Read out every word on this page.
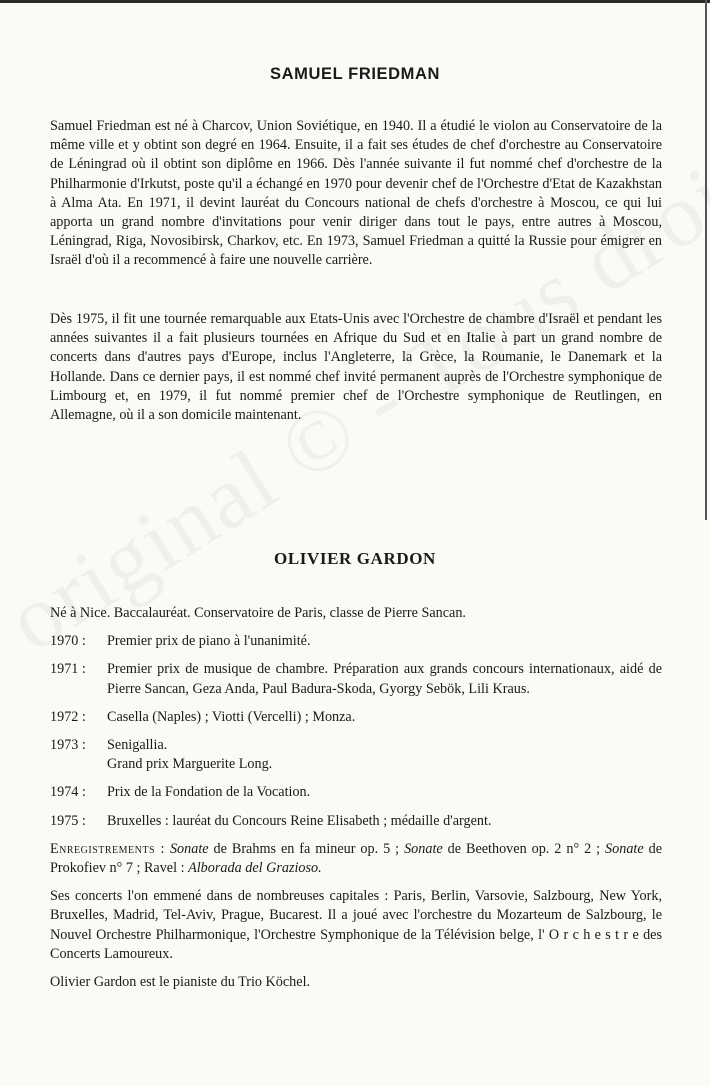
SAMUEL FRIEDMAN

Samuel Friedman est né à Charcov, Union Soviétique, en 1940. Il a étudié le violon au Conservatoire de la même ville et y obtint son degré en 1964. Ensuite, il a fait ses études de chef d'orchestre au Conservatoire de Léningrad où il obtint son diplôme en 1966. Dès l'année suivante il fut nommé chef d'orchestre de la Philharmonie d'Irkutst, poste qu'il a échangé en 1970 pour devenir chef de l'Orchestre d'Etat de Kazakhstan à Alma Ata. En 1971, il devint lauréat du Concours national de chefs d'orchestre à Moscou, ce qui lui apporta un grand nombre d'invitations pour venir diriger dans tout le pays, entre autres à Moscou, Léningrad, Riga, Novosibirsk, Charkov, etc. En 1973, Samuel Friedman a quitté la Russie pour émigrer en Israël d'où il a recommencé à faire une nouvelle carrière.

Dès 1975, il fit une tournée remarquable aux Etats-Unis avec l'Orchestre de chambre d'Israël et pendant les années suivantes il a fait plusieurs tournées en Afrique du Sud et en Italie à part un grand nombre de concerts dans d'autres pays d'Europe, inclus l'Angleterre, la Grèce, la Roumanie, le Danemark et la Hollande. Dans ce dernier pays, il est nommé chef invité permanent auprès de l'Orchestre symphonique de Limbourg et, en 1979, il fut nommé premier chef de l'Orchestre symphonique de Reutlingen, en Allemagne, où il a son domicile maintenant.

OLIVIER GARDON
Né à Nice. Baccalauréat. Conservatoire de Paris, classe de Pierre Sancan.
1970 :	Premier prix de piano à l'unanimité.
1971 :	Premier prix de musique de chambre. Préparation aux grands concours internationaux, aidé de Pierre Sancan, Geza Anda, Paul Badura-Skoda, Gyorgy Sebök, Lili Kraus.
1972 :	Casella (Naples) ; Viotti (Vercelli) ; Monza.
1973 :	Senigallia.
Grand prix Marguerite Long.
1974 :	Prix de la Fondation de la Vocation.
1975 :	Bruxelles : lauréat du Concours Reine Elisabeth ; médaille d'argent.
Enregistrements : Sonate de Brahms en fa mineur op. 5 ; Sonate de Beethoven op. 2 n° 2 ; Sonate de Prokofiev n° 7 ; Ravel : Alborada del Grazioso.
Ses concerts l'on emmené dans de nombreuses capitales : Paris, Berlin, Varsovie, Salzbourg, New York, Bruxelles, Madrid, Tel-Aviv, Prague, Bucarest. Il a joué avec l'orchestre du Mozarteum de Salzbourg, le Nouvel Orchestre Philharmonique, l'Orchestre Symphonique de la Télévision belge, l' O r c h e s t r e des Concerts Lamoureux.
Olivier Gardon est le pianiste du Trio Köchel.
